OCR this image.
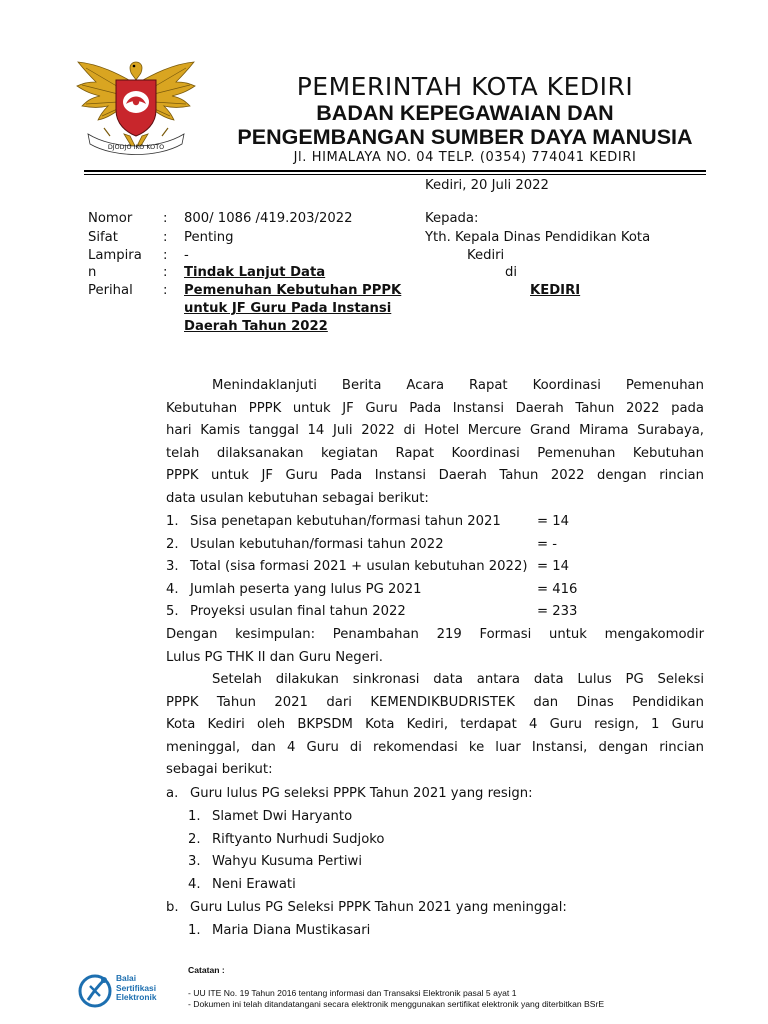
DJODJO IKO KOTO
PEMERINTAH KOTA KEDIRI
BADAN KEPEGAWAIAN DAN
PENGEMBANGAN SUMBER DAYA MANUSIA
Jl. HIMALAYA NO. 04 TELP. (0354) 774041 KEDIRI
Kediri, 20 Juli 2022
Nomor : 800/ 1086 /419.203/2022
Sifat	: Penting
Lampira : -
n	: Tindak Lanjut Data
Perihal : Pemenuhan Kebutuhan PPPK
untuk JF Guru Pada Instansi
Daerah Tahun 2022
Kepada:
Yth. Kepala Dinas Pendidikan Kota
Kediri
di
KEDIRI
Menindaklanjuti Berita Acara Rapat Koordinasi Pemenuhan
Kebutuhan PPPK untuk JF Guru Pada Instansi Daerah Tahun 2022 pada
hari Kamis tanggal 14 Juli 2022 di Hotel Mercure Grand Mirama Surabaya,
telah dilaksanakan kegiatan Rapat Koordinasi Pemenuhan Kebutuhan
PPPK untuk JF Guru Pada Instansi Daerah Tahun 2022 dengan rincian
data usulan kebutuhan sebagai berikut:
1. Sisa penetapan kebutuhan/formasi tahun 2021	= 14
2. Usulan kebutuhan/formasi tahun 2022	= -
3. Total (sisa formasi 2021 + usulan kebutuhan 2022) = 14
4. Jumlah peserta yang lulus PG 2021	= 416
5. Proyeksi usulan final tahun 2022	= 233
Dengan kesimpulan: Penambahan 219 Formasi untuk mengakomodir
Lulus PG THK II dan Guru Negeri.
Setelah dilakukan sinkronasi data antara data Lulus PG Seleksi
PPPK Tahun 2021 dari KEMENDIKBUDRISTEK dan Dinas Pendidikan
Kota Kediri oleh BKPSDM Kota Kediri, terdapat 4 Guru resign, 1 Guru
meninggal, dan 4 Guru di rekomendasi ke luar Instansi, dengan rincian
sebagai berikut:
a. Guru lulus PG seleksi PPPK Tahun 2021 yang resign:
1. Slamet Dwi Haryanto
2. Riftyanto Nurhudi Sudjoko
3. Wahyu Kusuma Pertiwi
4. Neni Erawati
b. Guru Lulus PG Seleksi PPPK Tahun 2021 yang meninggal:
1. Maria Diana Mustikasari
Balai
Sertifikasi
Elektronik
Catatan :
- UU ITE No. 19 Tahun 2016 tentang informasi dan Transaksi Elektronik pasal 5 ayat 1
- Dokumen ini telah ditandatangani secara elektronik menggunakan sertifikat elektronik yang diterbitkan BSrE
